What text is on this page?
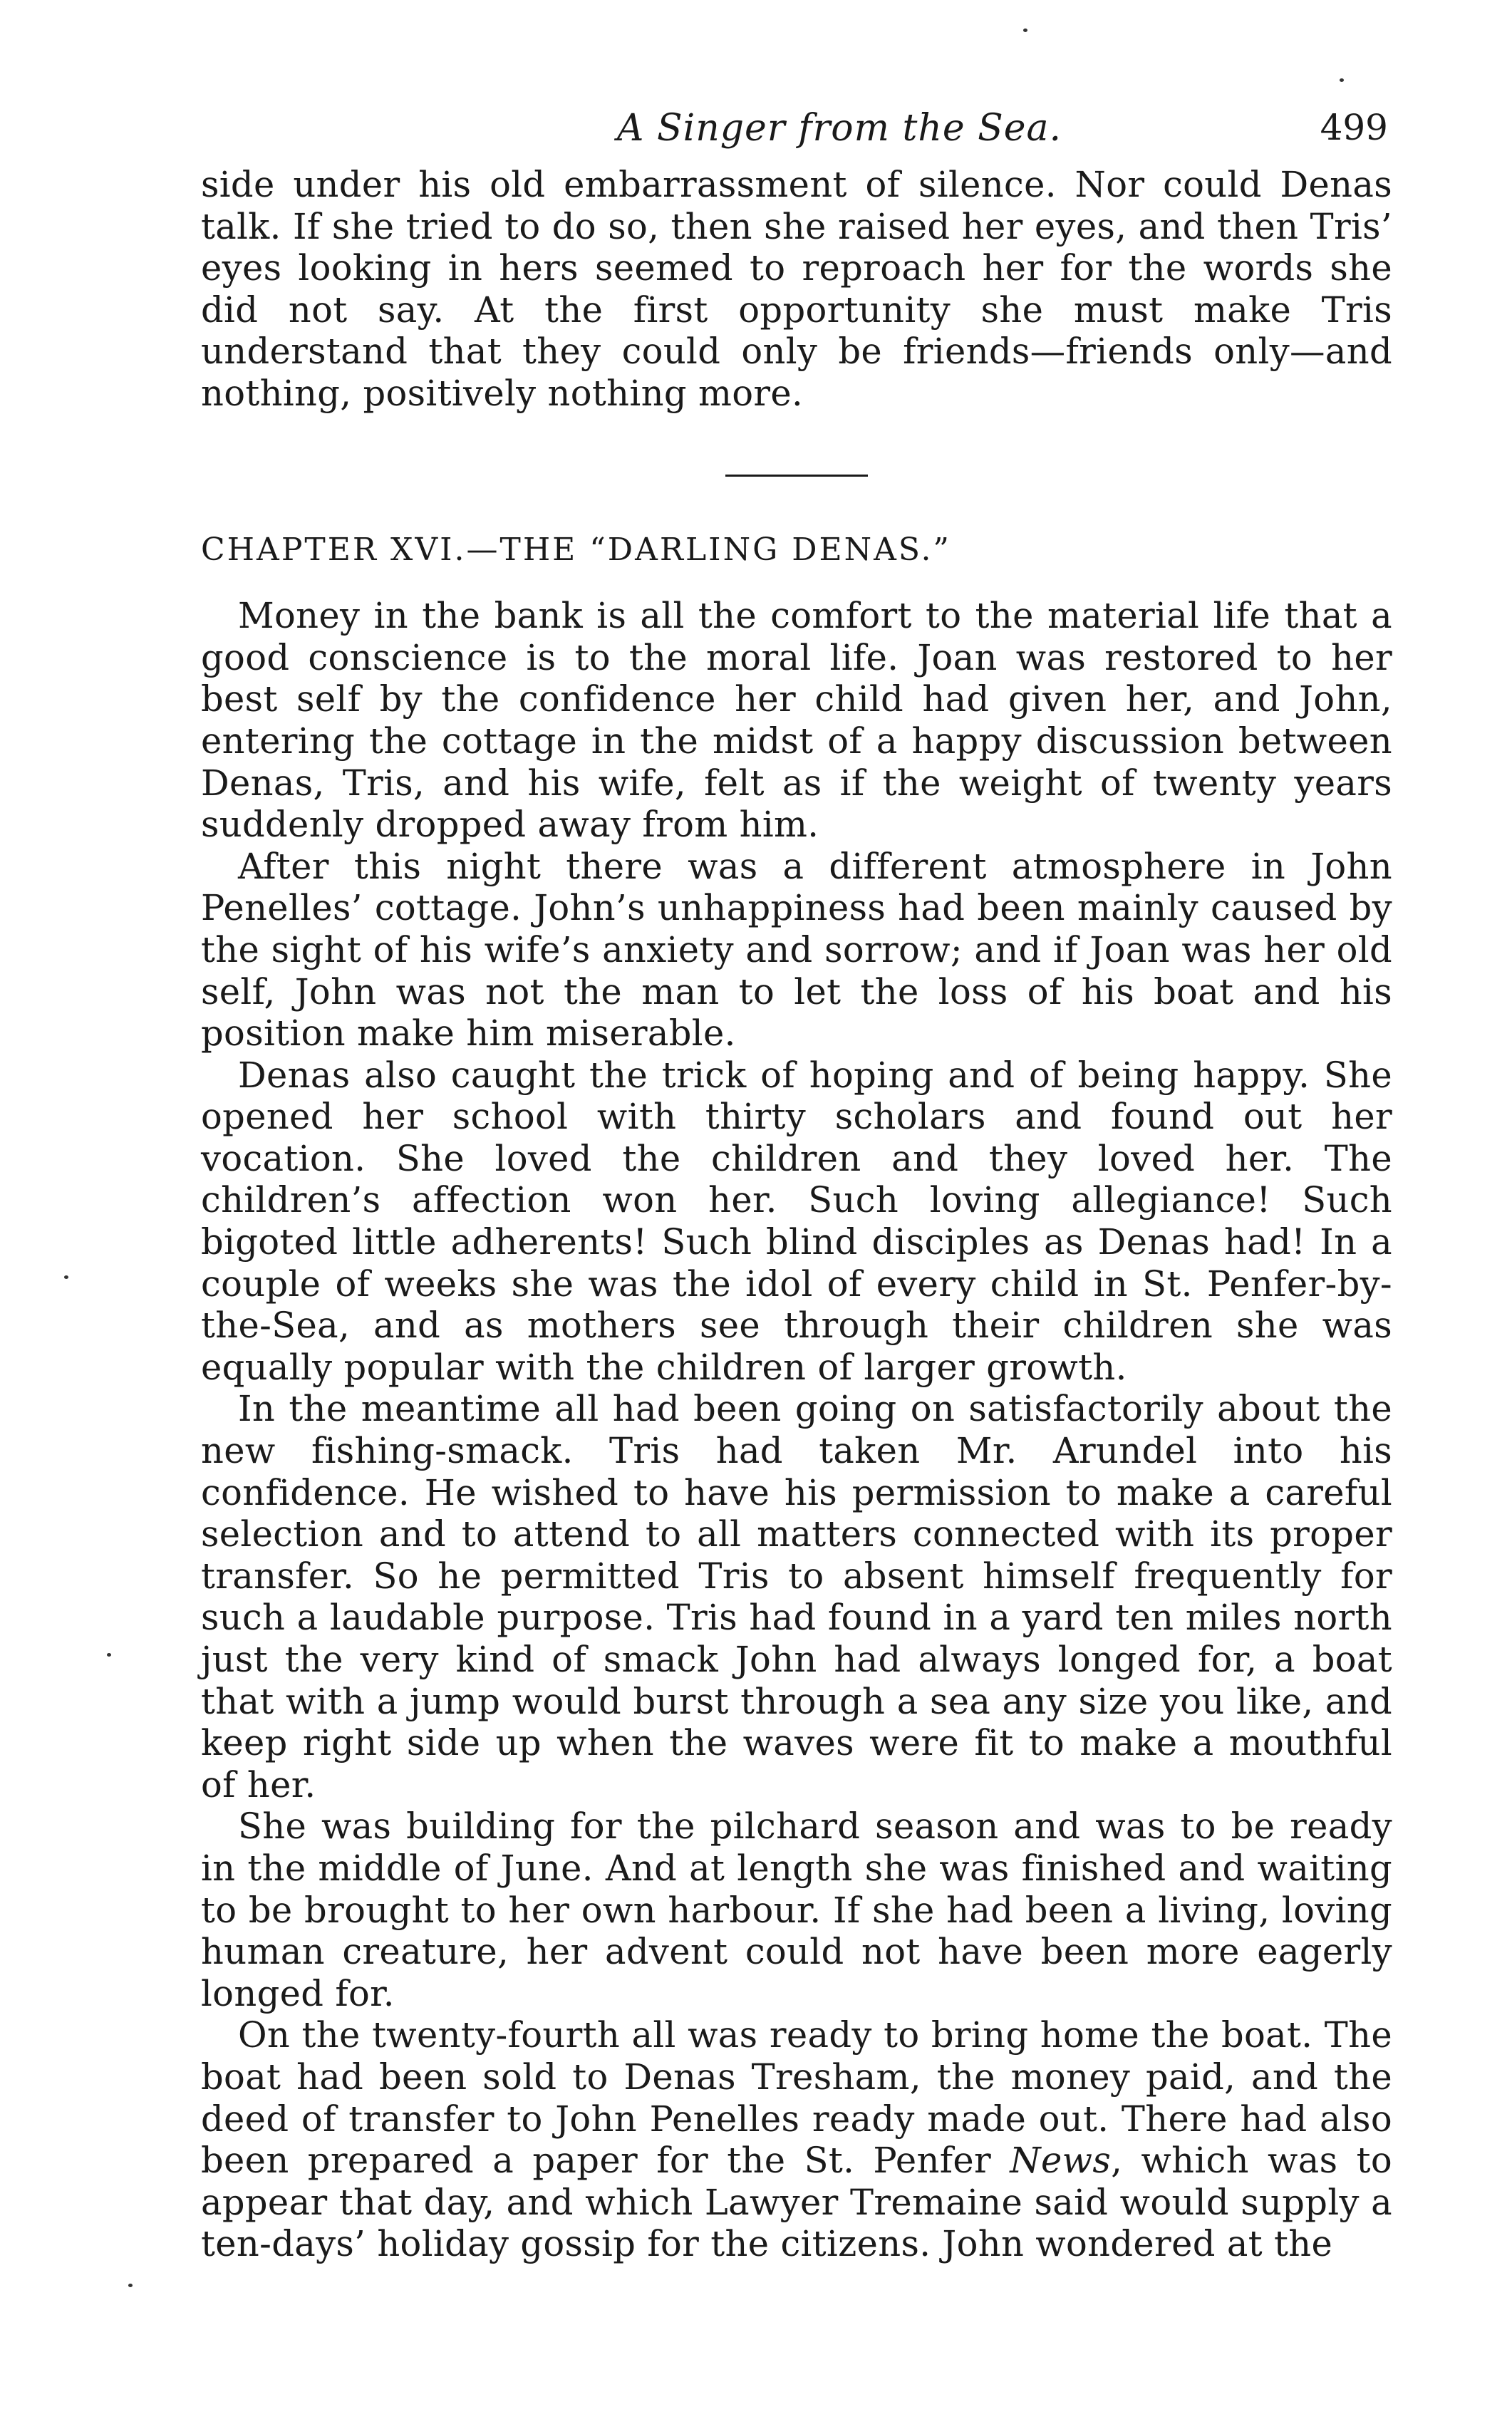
A Singer from the Sea.	499

side under his old embarrassment of silence. Nor could Denas talk. If she tried to do so, then she raised her eyes, and then Tris’ eyes looking in hers seemed to reproach her for the words she did not say. At the first opportunity she must make Tris understand that they could only be friends—friends only—and nothing, positively nothing more.

CHAPTER XVI.—THE “DARLING DENAS.”

Money in the bank is all the comfort to the material life that a good conscience is to the moral life. Joan was restored to her best self by the confidence her child had given her, and John, entering the cottage in the midst of a happy discussion between Denas, Tris, and his wife, felt as if the weight of twenty years suddenly dropped away from him.

After this night there was a different atmosphere in John Penelles’ cottage. John’s unhappiness had been mainly caused by the sight of his wife’s anxiety and sorrow; and if Joan was her old self, John was not the man to let the loss of his boat and his position make him miserable.

Denas also caught the trick of hoping and of being happy. She opened her school with thirty scholars and found out her vocation. She loved the children and they loved her. The children’s affection won her. Such loving allegiance! Such bigoted little adherents! Such blind disciples as Denas had! In a couple of weeks she was the idol of every child in St. Penfer-by-the-Sea, and as mothers see through their children she was equally popular with the children of larger growth.

In the meantime all had been going on satisfactorily about the new fishing-smack. Tris had taken Mr. Arundel into his confidence. He wished to have his permission to make a careful selection and to attend to all matters connected with its proper transfer. So he permitted Tris to absent himself frequently for such a laudable purpose. Tris had found in a yard ten miles north just the very kind of smack John had always longed for, a boat that with a jump would burst through a sea any size you like, and keep right side up when the waves were fit to make a mouthful of her.

She was building for the pilchard season and was to be ready in the middle of June. And at length she was finished and waiting to be brought to her own harbour. If she had been a living, loving human creature, her advent could not have been more eagerly longed for.

On the twenty-fourth all was ready to bring home the boat. The boat had been sold to Denas Tresham, the money paid, and the deed of transfer to John Penelles ready made out. There had also been prepared a paper for the St. Penfer News, which was to appear that day, and which Lawyer Tremaine said would supply a ten-days’ holiday gossip for the citizens. John wondered at the
